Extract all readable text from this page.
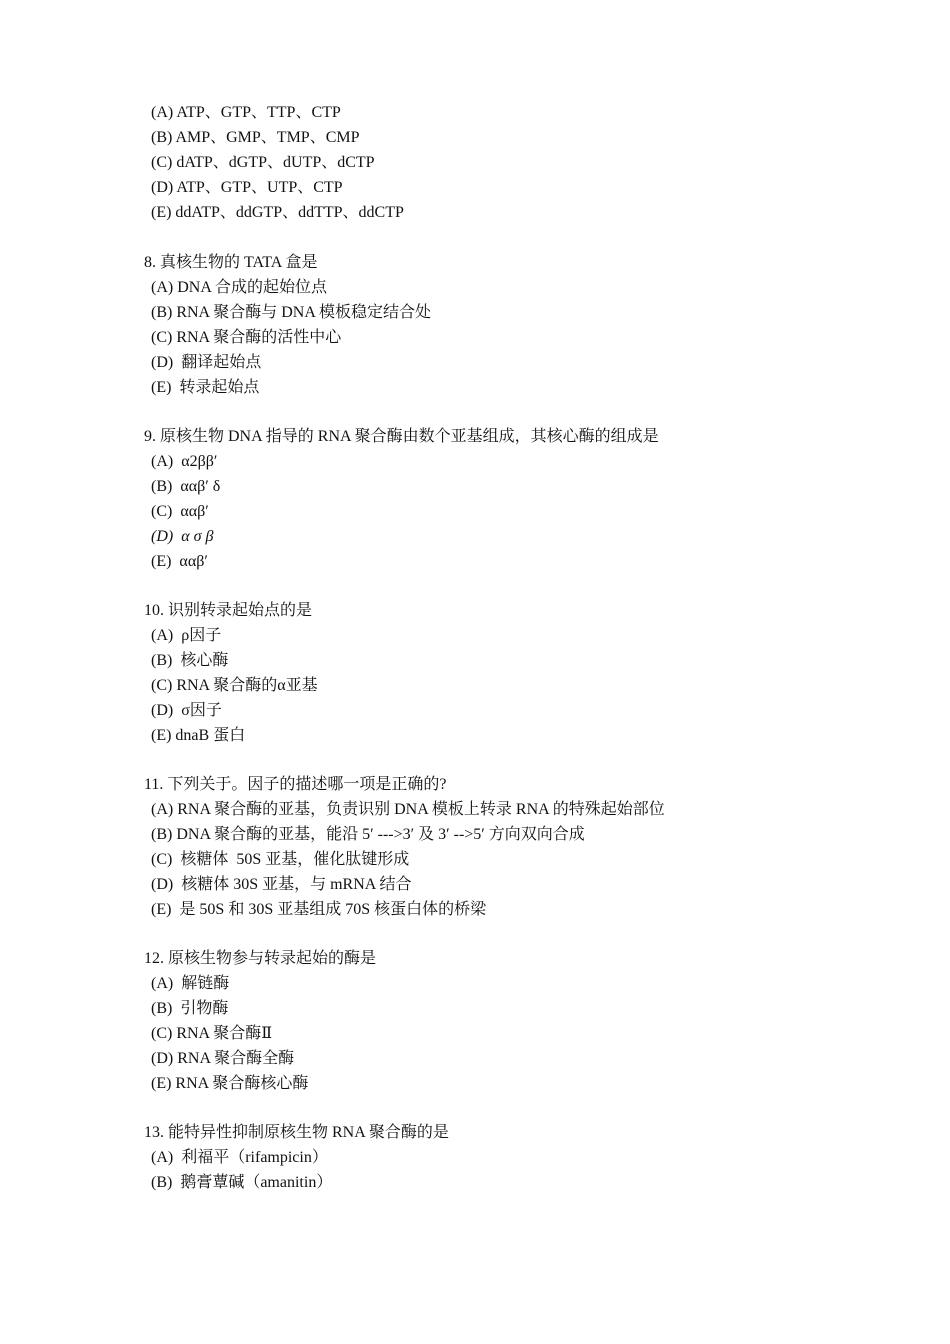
(A) ATP、GTP、TTP、CTP
(B) AMP、GMP、TMP、CMP
(C) dATP、dGTP、dUTP、dCTP
(D) ATP、GTP、UTP、CTP
(E) ddATP、ddGTP、ddTTP、ddCTP
8. 真核生物的 TATA 盒是
(A) DNA 合成的起始位点
(B) RNA 聚合酶与 DNA 模板稳定结合处
(C) RNA 聚合酶的活性中心
(D)  翻译起始点
(E)  转录起始点
9. 原核生物 DNA 指导的 RNA 聚合酶由数个亚基组成，其核心酶的组成是
(A)  α2ββ′
(B)  ααβ′ δ
(C)  ααβ′
(D)  α σ β
(E)  ααβ′
10. 识别转录起始点的是
(A)  ρ因子
(B)  核心酶
(C) RNA 聚合酶的α亚基
(D)  σ因子
(E) dnaB 蛋白
11. 下列关于。因子的描述哪一项是正确的?
(A) RNA 聚合酶的亚基，负责识别 DNA 模板上转录 RNA 的特殊起始部位
(B) DNA 聚合酶的亚基，能沿 5′ --->3′ 及 3′ -->5′ 方向双向合成
(C)  核糖体  50S 亚基，催化肽键形成
(D)  核糖体 30S 亚基，与 mRNA 结合
(E)  是 50S 和 30S 亚基组成 70S 核蛋白体的桥梁
12. 原核生物参与转录起始的酶是
(A)  解链酶
(B)  引物酶
(C) RNA 聚合酶Ⅱ
(D) RNA 聚合酶全酶
(E) RNA 聚合酶核心酶
13. 能特异性抑制原核生物 RNA 聚合酶的是
(A)  利福平（rifampicin）
(B)  鹅膏蕈碱（amanitin）
